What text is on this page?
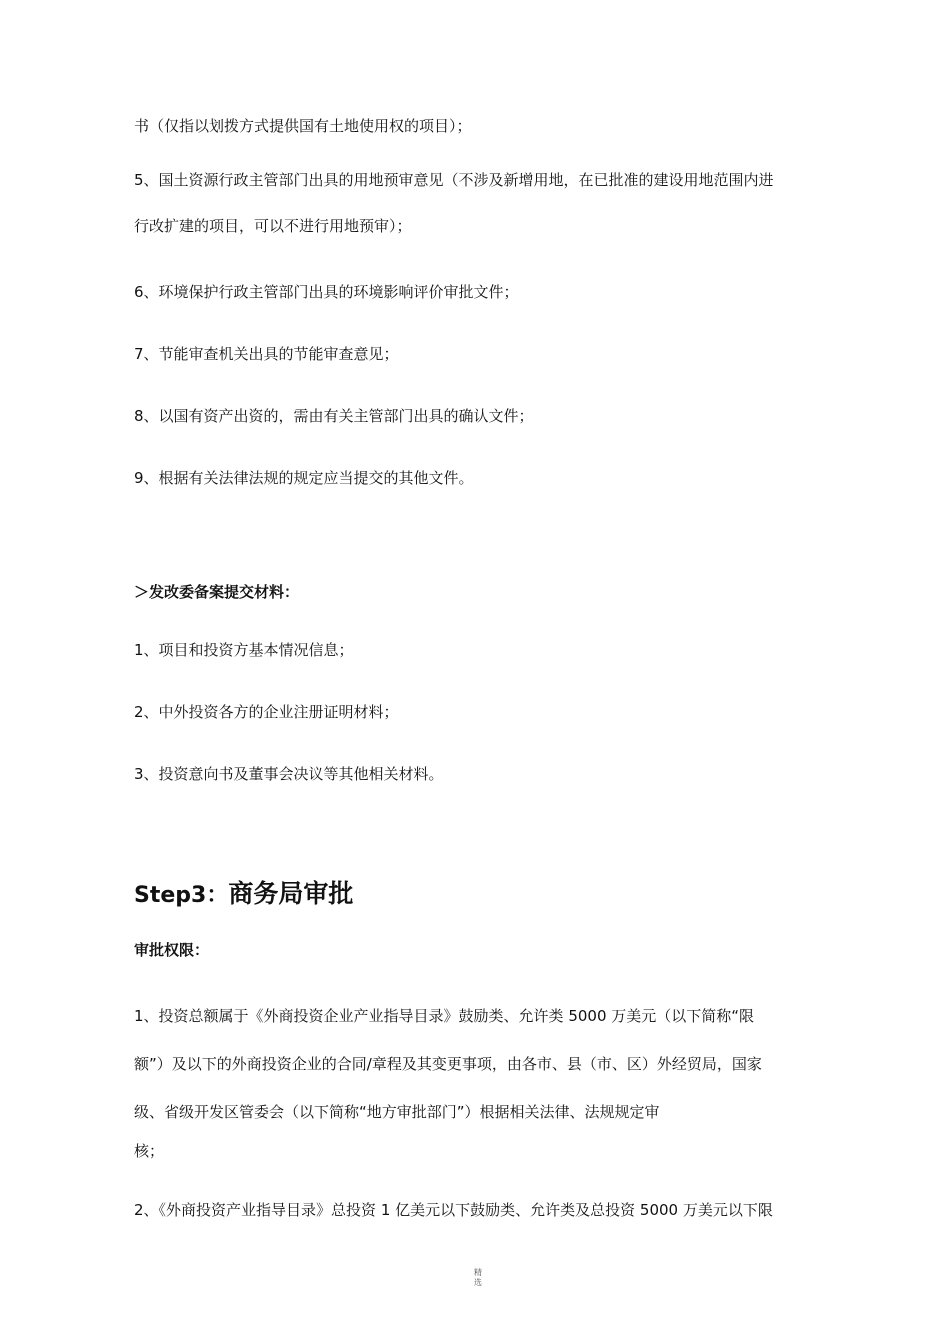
书（仅指以划拨方式提供国有土地使用权的项目）；
5、国土资源行政主管部门出具的用地预审意见（不涉及新增用地，在已批准的建设用地范围内进
行改扩建的项目，可以不进行用地预审）；
6、环境保护行政主管部门出具的环境影响评价审批文件；
7、节能审查机关出具的节能审查意见；
8、以国有资产出资的，需由有关主管部门出具的确认文件；
9、根据有关法律法规的规定应当提交的其他文件。
＞发改委备案提交材料：
1、项目和投资方基本情况信息；
2、中外投资各方的企业注册证明材料；
3、投资意向书及董事会决议等其他相关材料。
Step3：商务局审批
审批权限：
1、投资总额属于《外商投资企业产业指导目录》鼓励类、允许类 5000 万美元（以下简称“限
额”）及以下的外商投资企业的合同/章程及其变更事项，由各市、县（市、区）外经贸局，国家
级、省级开发区管委会（以下简称“地方审批部门”）根据相关法律、法规规定审
核；
2、《外商投资产业指导目录》总投资 1 亿美元以下鼓励类、允许类及总投资 5000 万美元以下限
精选
